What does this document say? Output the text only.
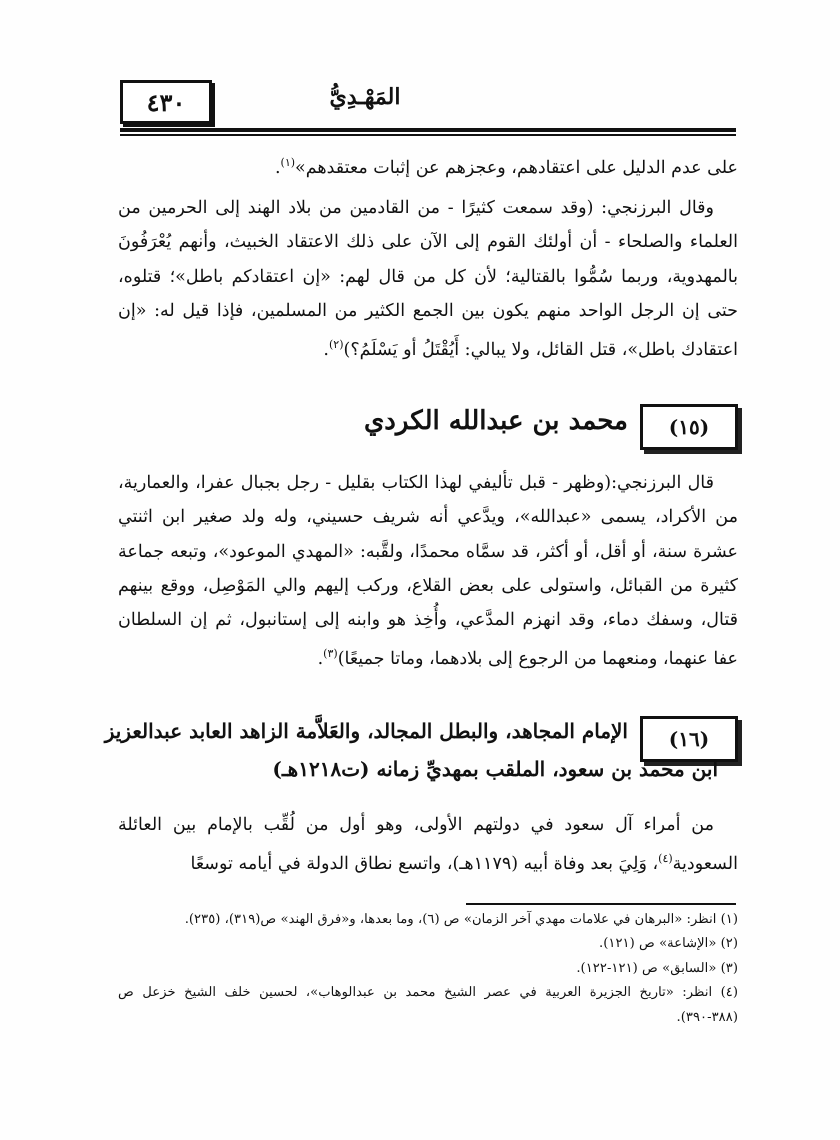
٤٣٠	المَهْـدِيُّ

على عدم الدليل على اعتقادهم، وعجزهم عن إثبات معتقدهم»$^{(١)}$.

وقال البرزنجي: (وقد سمعت كثيرًا - من القادمين من بلاد الهند إلى الحرمين من العلماء والصلحاء - أن أولئك القوم إلى الآن على ذلك الاعتقاد الخبيث، وأنهم يُعْرَفُونَ بالمهدوية، وربما سُمُّوا بالقتالية؛ لأن كل من قال لهم: «إن اعتقادكم باطل»؛ قتلوه، حتى إن الرجل الواحد منهم يكون بين الجمع الكثير من المسلمين، فإذا قيل له: «إن اعتقادك باطل»، قتل القائل، ولا يبالي: أَيُقْتَلُ أو يَسْلَمُ؟)$^{(٢)}$.

(١٥)
محمد بن عبدالله الكردي

قال البرزنجي:(وظهر - قبل تأليفي لهذا الكتاب بقليل - رجل بجبال عفرا، والعمارية، من الأكراد، يسمى «عبدالله»، ويدَّعي أنه شريف حسيني، وله ولد صغير ابن اثنتي عشرة سنة، أو أقل، أو أكثر، قد سمَّاه محمدًا، ولقَّبه: «المهدي الموعود»، وتبعه جماعة كثيرة من القبائل، واستولى على بعض القلاع، وركب إليهم والي المَوْصِل، ووقع بينهم قتال، وسفك دماء، وقد انهزم المدَّعي، وأُخِذ هو وابنه إلى إستانبول، ثم إن السلطان عفا عنهما، ومنعهما من الرجوع إلى بلادهما، وماتا جميعًا)$^{(٣)}$.

(١٦)
الإمام المجاهد، والبطل المجالد، والعَلاَّمة الزاهد العابد عبدالعزيز
ابن محمد بن سعود، الملقب بمهديِّ زمانه (ت١٢١٨هـ)

من أمراء آل سعود في دولتهم الأولى، وهو أول من لُقِّب بالإمام بين العائلة السعودية$^{(٤)}$، وَلِيَ بعد وفاة أبيه (١١٧٩هـ)، واتسع نطاق الدولة في أيامه توسعًا

(١) انظر: «البرهان في علامات مهدي آخر الزمان» ص (٦)، وما بعدها، و«فرق الهند» ص(٣١٩)، (٢٣٥).
(٢) «الإشاعة» ص (١٢١).
(٣) «السابق» ص (١٢١-١٢٢).
(٤) انظر: «تاريخ الجزيرة العربية في عصر الشيخ محمد بن عبدالوهاب»، لحسين خلف الشيخ خزعل ص (٣٨٨-٣٩٠).
